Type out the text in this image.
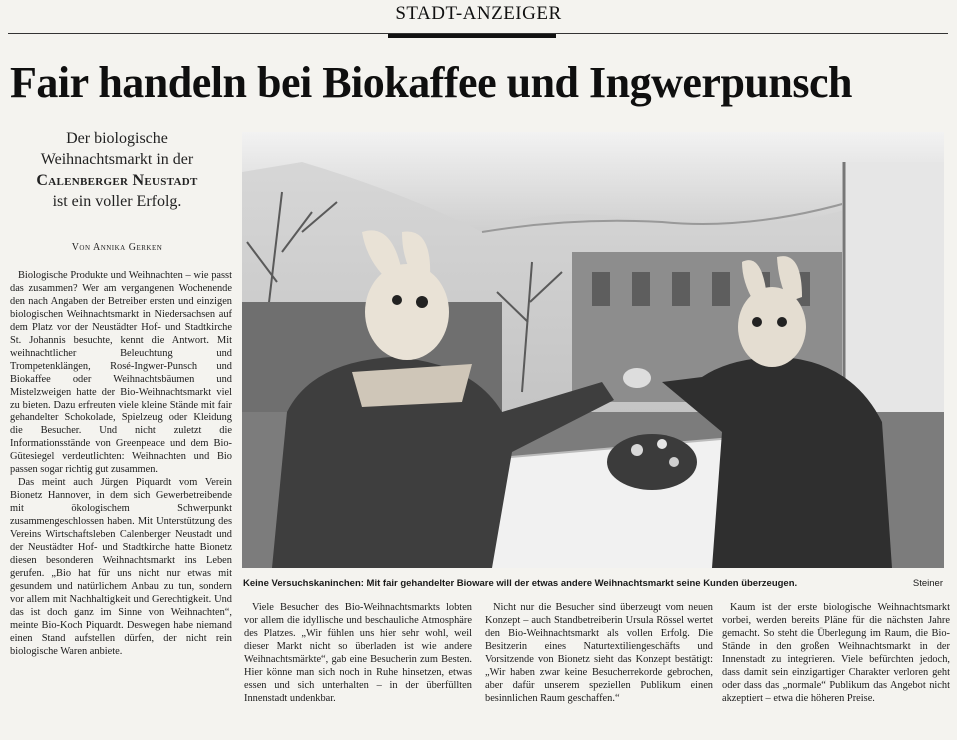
STADT-ANZEIGER
Fair handeln bei Biokaffee und Ingwerpunsch
Der biologische
Weihnachtsmarkt in der
Calenberger Neustadt
ist ein voller Erfolg.
Von Annika Gerken

Biologische Produkte und Weihnachten – wie passt das zusammen? Wer am vergangenen Wochenende den nach Angaben der Betreiber ersten und einzigen biologischen Weihnachtsmarkt in Niedersachsen auf dem Platz vor der Neustädter Hof- und Stadtkirche St. Johannis besuchte, kennt die Antwort. Mit weihnachtlicher Beleuchtung und Trompetenklängen, Rosé-Ingwer-Punsch und Biokaffee oder Weihnachtsbäumen und Mistelzweigen hatte der Bio-Weihnachtsmarkt viel zu bieten. Dazu erfreuten viele kleine Stände mit fair gehandelter Schokolade, Spielzeug oder Kleidung die Besucher. Und nicht zuletzt die Informationsstände von Greenpeace und dem Bio-Gütesiegel verdeutlichten: Weihnachten und Bio passen sogar richtig gut zusammen.

Das meint auch Jürgen Piquardt vom Verein Bionetz Hannover, in dem sich Gewerbetreibende mit ökologischem Schwerpunkt zusammengeschlossen haben. Mit Unterstützung des Vereins Wirtschaftsleben Calenberger Neustadt und der Neustädter Hof- und Stadtkirche hatte Bionetz diesen besonderen Weihnachtsmarkt ins Leben gerufen. „Bio hat für uns nicht nur etwas mit gesundem und natürlichem Anbau zu tun, sondern vor allem mit Nachhaltigkeit und Gerechtigkeit. Und das ist doch ganz im Sinne von Weihnachten“, meinte Bio-Koch Piquardt. Deswegen habe niemand einen Stand aufstellen dürfen, der nicht rein biologische Waren anbiete.

Keine Versuchskaninchen: Mit fair gehandelter Bioware will der etwas andere Weihnachtsmarkt seine Kunden überzeugen.	Steiner

Viele Besucher des Bio-Weihnachtsmarkts lobten vor allem die idyllische und beschauliche Atmosphäre des Platzes. „Wir fühlen uns hier sehr wohl, weil dieser Markt nicht so überladen ist wie andere Weihnachtsmärkte“, gab eine Besucherin zum Besten. Hier könne man sich noch in Ruhe hinsetzen, etwas essen und sich unterhalten – in der überfüllten Innenstadt undenkbar.

Nicht nur die Besucher sind überzeugt vom neuen Konzept – auch Standbetreiberin Ursula Rössel wertet den Bio-Weihnachtsmarkt als vollen Erfolg. Die Besitzerin eines Naturtextiliengeschäfts und Vorsitzende von Bionetz sieht das Konzept bestätigt: „Wir haben zwar keine Besucherrekorde gebrochen, aber dafür unserem speziellen Publikum einen besinnlichen Raum geschaffen.“

Kaum ist der erste biologische Weihnachtsmarkt vorbei, werden bereits Pläne für die nächsten Jahre gemacht. So steht die Überlegung im Raum, die Bio-Stände in den großen Weihnachtsmarkt in der Innenstadt zu integrieren. Viele befürchten jedoch, dass damit sein einzigartiger Charakter verloren geht oder dass das „normale“ Publikum das Angebot nicht akzeptiert – etwa die höheren Preise.
